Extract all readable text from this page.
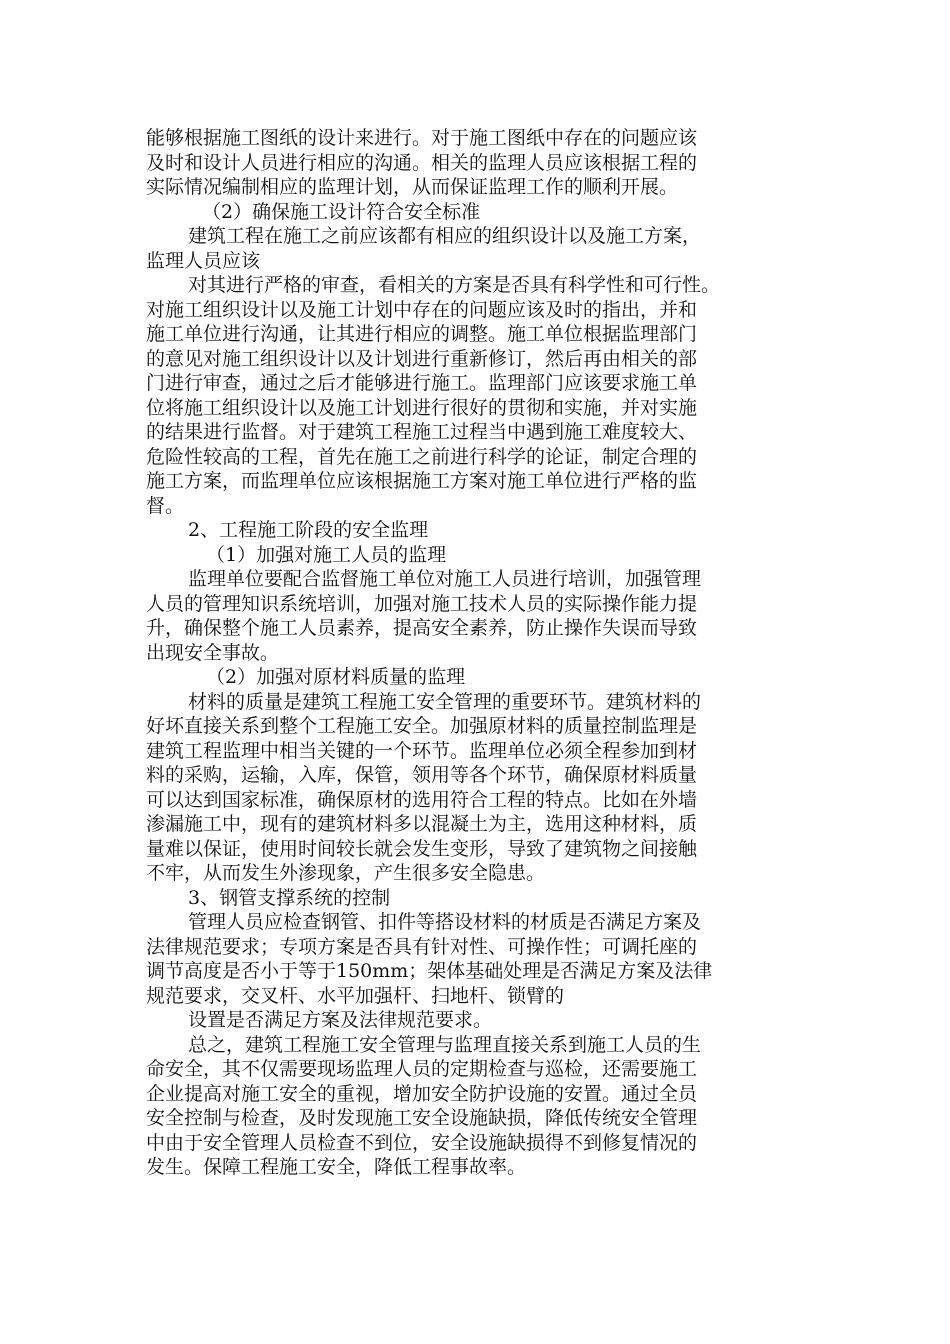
能够根据施工图纸的设计来进行。对于施工图纸中存在的问题应该
及时和设计人员进行相应的沟通。相关的监理人员应该根据工程的
实际情况编制相应的监理计划，从而保证监理工作的顺利开展。
（2）确保施工设计符合安全标准
建筑工程在施工之前应该都有相应的组织设计以及施工方案，
监理人员应该
对其进行严格的审查，看相关的方案是否具有科学性和可行性。
对施工组织设计以及施工计划中存在的问题应该及时的指出，并和
施工单位进行沟通，让其进行相应的调整。施工单位根据监理部门
的意见对施工组织设计以及计划进行重新修订，然后再由相关的部
门进行审查，通过之后才能够进行施工。监理部门应该要求施工单
位将施工组织设计以及施工计划进行很好的贯彻和实施，并对实施
的结果进行监督。对于建筑工程施工过程当中遇到施工难度较大、
危险性较高的工程，首先在施工之前进行科学的论证，制定合理的
施工方案，而监理单位应该根据施工方案对施工单位进行严格的监
督。
2、工程施工阶段的安全监理
（1）加强对施工人员的监理
监理单位要配合监督施工单位对施工人员进行培训，加强管理
人员的管理知识系统培训，加强对施工技术人员的实际操作能力提
升，确保整个施工人员素养，提高安全素养，防止操作失误而导致
出现安全事故。
（2）加强对原材料质量的监理
材料的质量是建筑工程施工安全管理的重要环节。建筑材料的
好坏直接关系到整个工程施工安全。加强原材料的质量控制监理是
建筑工程监理中相当关键的一个环节。监理单位必须全程参加到材
料的采购，运输，入库，保管，领用等各个环节，确保原材料质量
可以达到国家标准，确保原材的选用符合工程的特点。比如在外墙
渗漏施工中，现有的建筑材料多以混凝土为主，选用这种材料，质
量难以保证，使用时间较长就会发生变形，导致了建筑物之间接触
不牢，从而发生外渗现象，产生很多安全隐患。
3、钢管支撑系统的控制
管理人员应检查钢管、扣件等搭设材料的材质是否满足方案及
法律规范要求；专项方案是否具有针对性、可操作性；可调托座的
调节高度是否小于等于150mm；架体基础处理是否满足方案及法律
规范要求，交叉杆、水平加强杆、扫地杆、锁臂的
设置是否满足方案及法律规范要求。
总之，建筑工程施工安全管理与监理直接关系到施工人员的生
命安全，其不仅需要现场监理人员的定期检查与巡检，还需要施工
企业提高对施工安全的重视，增加安全防护设施的安置。通过全员
安全控制与检查，及时发现施工安全设施缺损，降低传统安全管理
中由于安全管理人员检查不到位，安全设施缺损得不到修复情况的
发生。保障工程施工安全，降低工程事故率。
